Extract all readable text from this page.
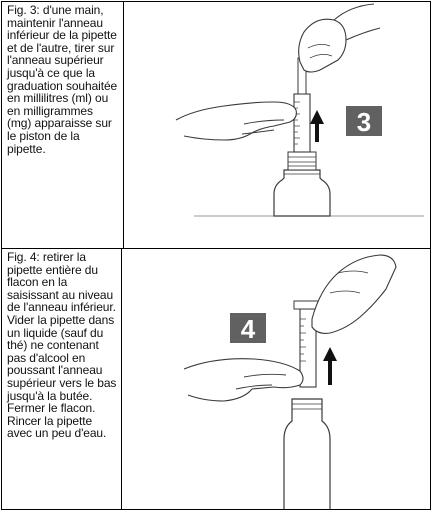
Fig. 3: d'une main, maintenir l'anneau inférieur de la pipette et de l'autre, tirer sur l'anneau supérieur jusqu'à ce que la graduation souhaitée en millilitres (ml) ou en milligrammes (mg) apparaisse sur le piston de la pipette.
3
Fig. 4: retirer la pipette entière du flacon en la saisissant au niveau de l'anneau inférieur. Vider la pipette dans un liquide (sauf du thé) ne contenant pas d'alcool en poussant l'anneau supérieur vers le bas jusqu'à la butée. Fermer le flacon. Rincer la pipette avec un peu d'eau.
4
